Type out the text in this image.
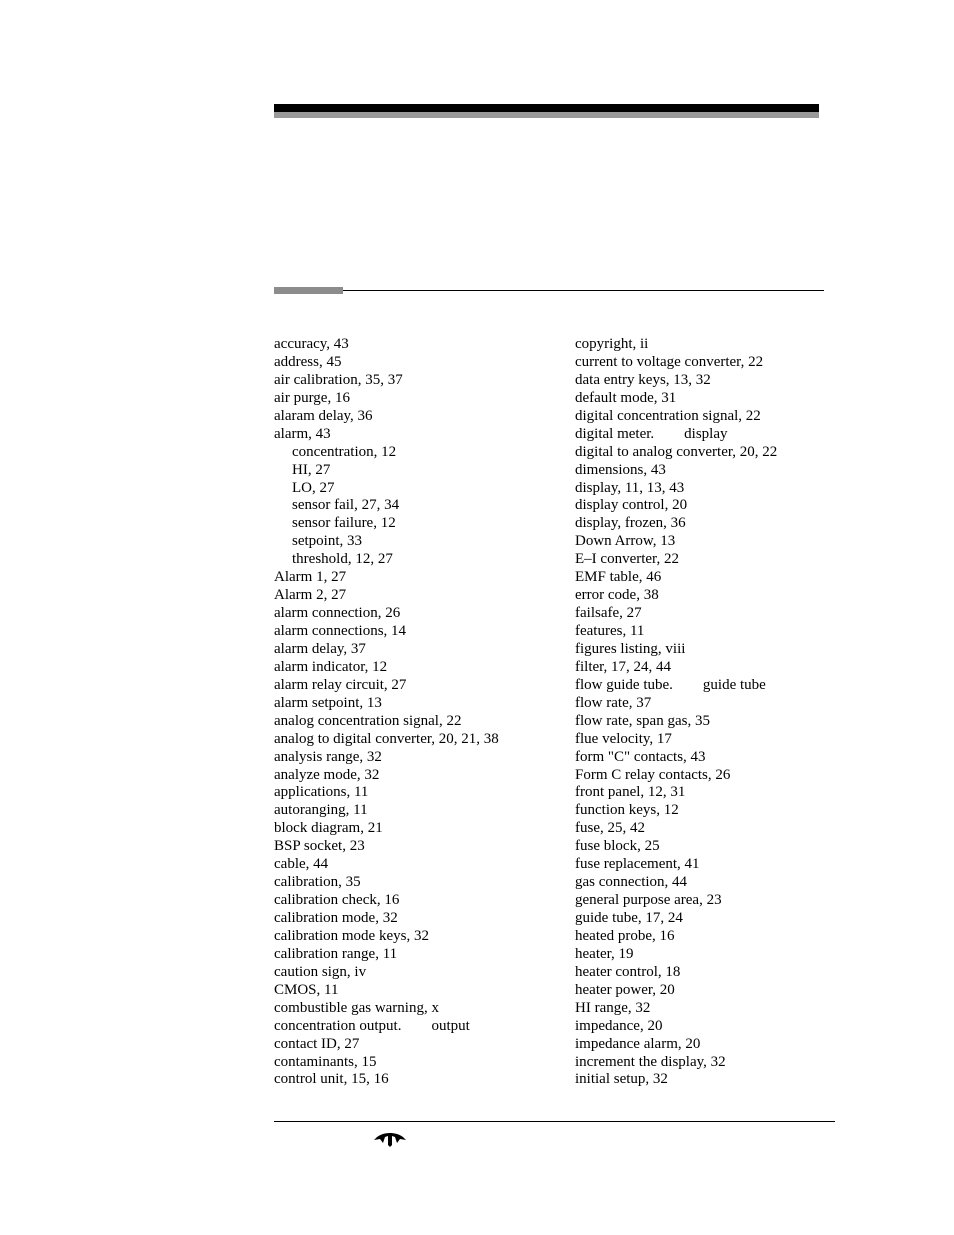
accuracy, 43
address, 45
air calibration, 35, 37
air purge, 16
alaram delay, 36
alarm, 43
concentration, 12
HI, 27
LO, 27
sensor fail, 27, 34
sensor failure, 12
setpoint, 33
threshold, 12, 27
Alarm 1, 27
Alarm 2, 27
alarm connection, 26
alarm connections, 14
alarm delay, 37
alarm indicator, 12
alarm relay circuit, 27
alarm setpoint, 13
analog concentration signal, 22
analog to digital converter, 20, 21, 38
analysis range, 32
analyze mode, 32
applications, 11
autoranging, 11
block diagram, 21
BSP socket, 23
cable, 44
calibration, 35
calibration check, 16
calibration mode, 32
calibration mode keys, 32
calibration range, 11
caution sign, iv
CMOS, 11
combustible gas warning, x
concentration output. output
contact ID, 27
contaminants, 15
control unit, 15, 16
copyright, ii
current to voltage converter, 22
data entry keys, 13, 32
default mode, 31
digital concentration signal, 22
digital meter. display
digital to analog converter, 20, 22
dimensions, 43
display, 11, 13, 43
display control, 20
display, frozen, 36
Down Arrow, 13
E–I converter, 22
EMF table, 46
error code, 38
failsafe, 27
features, 11
figures listing, viii
filter, 17, 24, 44
flow guide tube. guide tube
flow rate, 37
flow rate, span gas, 35
flue velocity, 17
form "C" contacts, 43
Form C relay contacts, 26
front panel, 12, 31
function keys, 12
fuse, 25, 42
fuse block, 25
fuse replacement, 41
gas connection, 44
general purpose area, 23
guide tube, 17, 24
heated probe, 16
heater, 19
heater control, 18
heater power, 20
HI range, 32
impedance, 20
impedance alarm, 20
increment the display, 32
initial setup, 32
